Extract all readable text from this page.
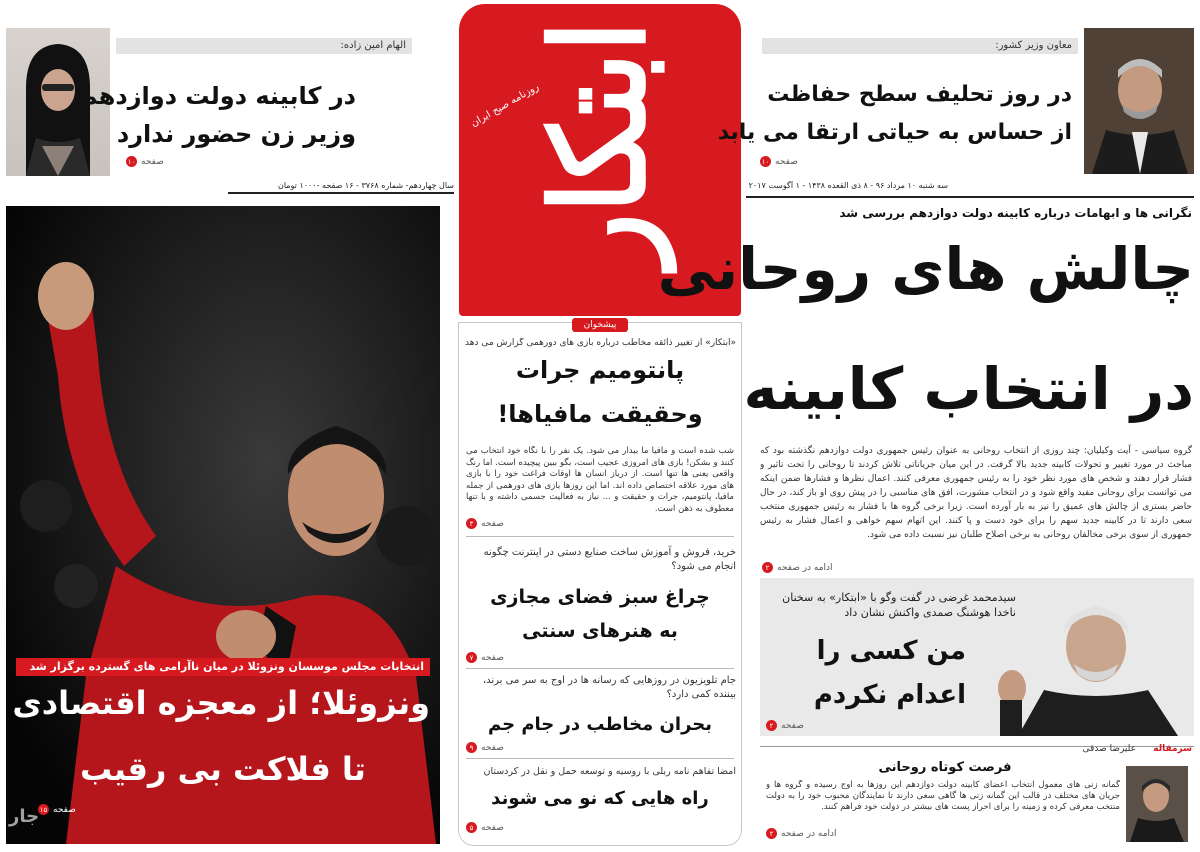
ابتکار
روزنامه صبح ایران
سال چهاردهم- شماره ۳۷۶۸ - ۱۶ صفحه -۱۰۰۰ تومان	سه شنبه ۱۰ مرداد ۹۶ - ۸ ذی القعده ۱۴۳۸ - ۱ آگوست ۲۰۱۷
الهام امین زاده:
در کابینه دولت دوازدهم
وزیر زن حضور ندارد
صفحه
۱۰
معاون وزیر کشور:
در روز تحلیف سطح حفاظت
از حساس به حیاتی ارتقا می یابد
صفحه
۱۰
نگرانی ها و ابهامات درباره کابینه دولت دوازدهم بررسی شد
چالش های روحانی
در انتخاب کابینه
گروه سیاسی - آیت وکیلیان: چند روزی از انتخاب روحانی به عنوان رئیس جمهوری دولت دوازدهم نگذشته بود که مباحث در مورد تغییر و تحولات کابینه جدید بالا گرفت. در این میان جریاناتی تلاش کردند تا روحانی را تحت تاثیر و فشار قرار دهند و شخص های مورد نظر خود را به رئیس جمهوری معرفی کنند. اعمال نظرها و فشارها ضمن اینکه می توانست برای روحانی مفید واقع شود و در انتخاب مشورت، افق های مناسبی را در پیش روی او باز کند، در حال حاضر بستری از چالش های عمیق را نیز به بار آورده است. زیرا برخی گروه ها با فشار به رئیس جمهوری منتخب سعی دارند تا در کابینه جدید سهم را برای خود دست و پا کنند. این اتهام سهم خواهی و اعمال فشار به رئیس جمهوری از سوی برخی مخالفان روحانی به برخی اصلاح طلبان نیز نسبت داده می شود.
ادامه در صفحه
۲
سیدمحمد غرضی در گفت وگو با «ابتکار» به سخنان ناخدا هوشنگ صمدی واکنش نشان داد
من کسی را
اعدام نکردم
صفحه
۲
سرمقاله
علیرضا صدقی
فرصت کوتاه روحانی
گمانه زنی های معمول انتخاب اعضای کابینه دولت دوازدهم این روزها به اوج رسیده و گروه ها و جریان های مختلف در قالب این گمانه زنی ها گاهی سعی دارند تا نمایندگان محبوب خود را به دولت منتخب معرفی کرده و زمینه را برای احراز پست های بیشتر در دولت خود فراهم کنند.
ادامه در صفحه
۲
پیشخوان
«ابتکار» از تغییر ذائقه مخاطب درباره بازی های دورهمی گزارش می دهد
پانتومیم جرات
وحقیقت مافیاها!
شب شده است و مافیا ما بیدار می شود. یک نفر را با نگاه خود انتخاب می کنند و بشکن! بازی های امروزی عجیب است، بگو ببین پیچیده است. اما رنگ واقعی یعنی ها تنها است. از دریاز انسان ها اوقات فراغت خود را با بازی های مورد علاقه اختصاص داده اند. اما این روزها بازی های دورهمی از جمله مافیا، پانتومیم، جرات و حقیقت و ... نیاز به فعالیت جسمی داشته و با تنها معطوف به ذهن است.
صفحه
۳
خرید، فروش و آموزش ساخت صنایع دستی در اینترنت چگونه انجام می شود؟
چراغ سبز فضای مجازی
به هنرهای سنتی
صفحه
۷
جام تلویزیون در روزهایی که رسانه ها در اوج به سر می برند، بیننده کمی دارد؟
بحران مخاطب در جام جم
صفحه
۹
امضا تفاهم نامه ریلی با روسیه و توسعه حمل و نقل در کردستان
راه هایی که نو می شوند
صفحه
۵
انتخابات مجلس موسسان ونزوئلا در میان ناآرامی های گسترده برگزار شد
ونزوئلا؛ از معجزه اقتصادی
تا فلاکت بی رقیب
صفحه
۱۵
جار
